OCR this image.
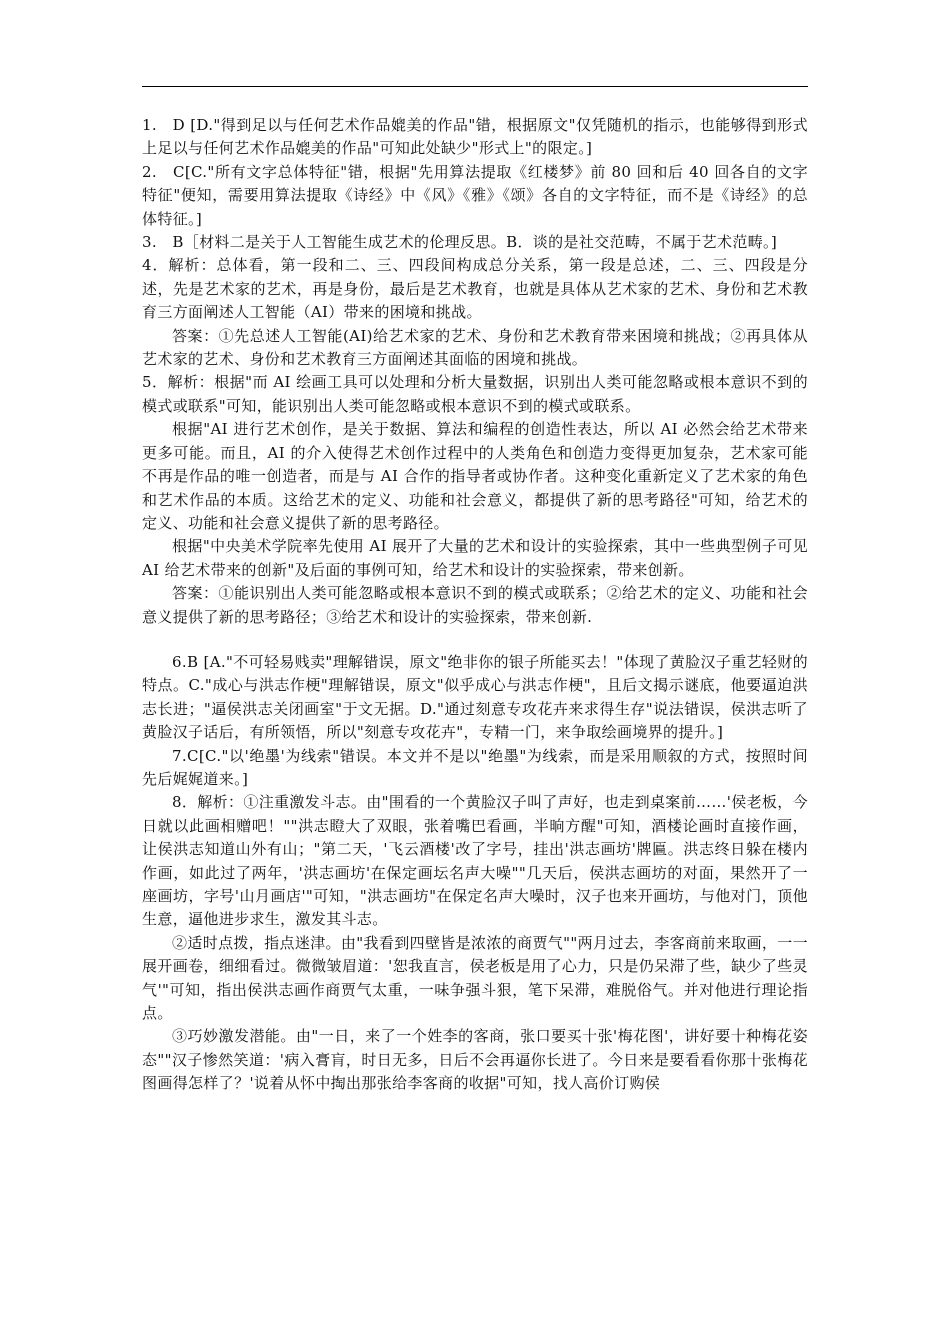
1.　D [D."得到足以与任何艺术作品媲美的作品"错，根据原文"仅凭随机的指示，也能够得到形式上足以与任何艺术作品媲美的作品"可知此处缺少"形式上"的限定。]

2.　C[C."所有文字总体特征"错，根据"先用算法提取《红楼梦》前 80 回和后 40 回各自的文字特征"便知，需要用算法提取《诗经》中《风》《雅》《颂》各自的文字特征，而不是《诗经》的总体特征。]

3.　B［材料二是关于人工智能生成艺术的伦理反思。B．谈的是社交范畴，不属于艺术范畴。]

4．解析：总体看，第一段和二、三、四段间构成总分关系，第一段是总述，二、三、四段是分述，先是艺术家的艺术，再是身份，最后是艺术教育，也就是具体从艺术家的艺术、身份和艺术教育三方面阐述人工智能（AI）带来的困境和挑战。

答案：①先总述人工智能(AI)给艺术家的艺术、身份和艺术教育带来困境和挑战；②再具体从艺术家的艺术、身份和艺术教育三方面阐述其面临的困境和挑战。

5．解析：根据"而 AI 绘画工具可以处理和分析大量数据，识别出人类可能忽略或根本意识不到的模式或联系"可知，能识别出人类可能忽略或根本意识不到的模式或联系。

根据"AI 进行艺术创作，是关于数据、算法和编程的创造性表达，所以 AI 必然会给艺术带来更多可能。而且，AI 的介入使得艺术创作过程中的人类角色和创造力变得更加复杂，艺术家可能不再是作品的唯一创造者，而是与 AI 合作的指导者或协作者。这种变化重新定义了艺术家的角色和艺术作品的本质。这给艺术的定义、功能和社会意义，都提供了新的思考路径"可知，给艺术的定义、功能和社会意义提供了新的思考路径。

根据"中央美术学院率先使用 AI 展开了大量的艺术和设计的实验探索，其中一些典型例子可见 AI 给艺术带来的创新"及后面的事例可知，给艺术和设计的实验探索，带来创新。

答案：①能识别出人类可能忽略或根本意识不到的模式或联系；②给艺术的定义、功能和社会意义提供了新的思考路径；③给艺术和设计的实验探索，带来创新.

6.B [A."不可轻易贱卖"理解错误，原文"绝非你的银子所能买去！"体现了黄脸汉子重艺轻财的特点。C."成心与洪志作梗"理解错误，原文"似乎成心与洪志作梗"，且后文揭示谜底，他要逼迫洪志长进；"逼侯洪志关闭画室"于文无据。D."通过刻意专攻花卉来求得生存"说法错误，侯洪志听了黄脸汉子话后，有所领悟，所以"刻意专攻花卉"，专精一门，来争取绘画境界的提升。]

7.C[C."以'绝墨'为线索"错误。本文并不是以"绝墨"为线索，而是采用顺叙的方式，按照时间先后娓娓道来。]

8．解析：①注重激发斗志。由"围看的一个黄脸汉子叫了声好，也走到桌案前……'侯老板，今日就以此画相赠吧！""洪志瞪大了双眼，张着嘴巴看画，半晌方醒"可知，酒楼论画时直接作画，让侯洪志知道山外有山；"第二天，'飞云酒楼'改了字号，挂出'洪志画坊'牌匾。洪志终日躲在楼内作画，如此过了两年，'洪志画坊'在保定画坛名声大噪""几天后，侯洪志画坊的对面，果然开了一座画坊，字号'山月画店'"可知，"洪志画坊"在保定名声大噪时，汉子也来开画坊，与他对门，顶他生意，逼他进步求生，激发其斗志。

②适时点拨，指点迷津。由"我看到四壁皆是浓浓的商贾气""两月过去，李客商前来取画，一一展开画卷，细细看过。微微皱眉道：'恕我直言，侯老板是用了心力，只是仍呆滞了些，缺少了些灵气'"可知，指出侯洪志画作商贾气太重，一味争强斗狠，笔下呆滞，难脱俗气。并对他进行理论指点。

③巧妙激发潜能。由"一日，来了一个姓李的客商，张口要买十张'梅花图'，讲好要十种梅花姿态""汉子惨然笑道：'病入膏肓，时日无多，日后不会再逼你长进了。今日来是要看看你那十张梅花图画得怎样了？'说着从怀中掏出那张给李客商的收据"可知，找人高价订购侯
